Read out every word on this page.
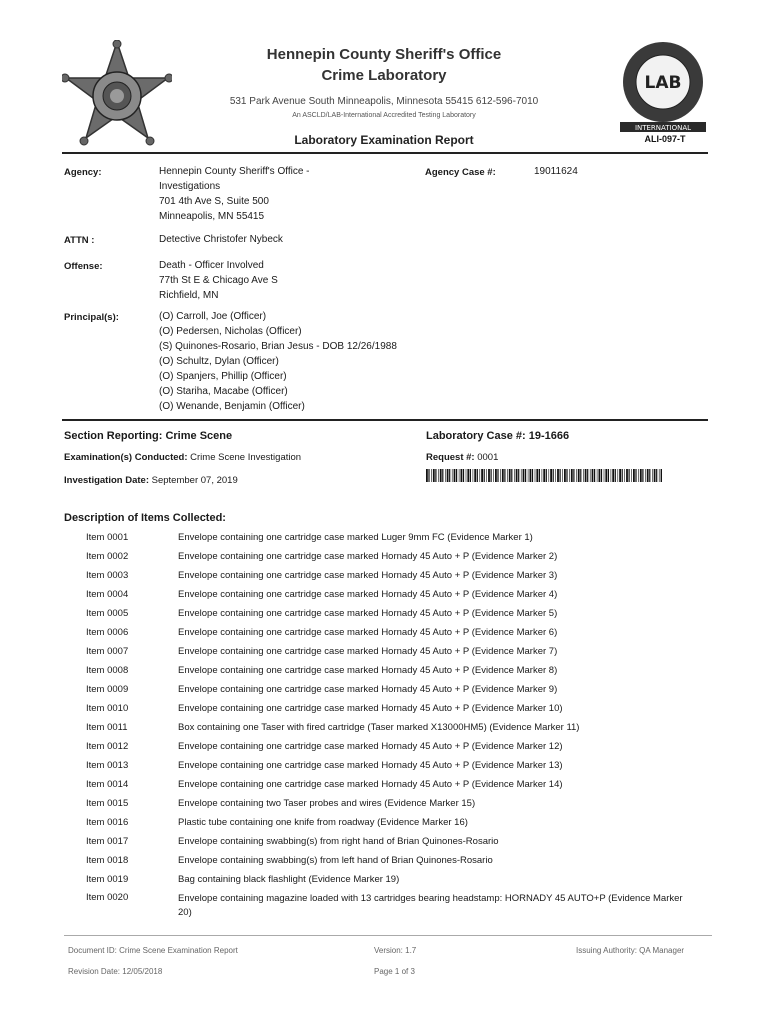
Hennepin County Sheriff's Office
Crime Laboratory
531 Park Avenue South Minneapolis, Minnesota 55415 612-596-7010
An ASCLD/LAB-International Accredited Testing Laboratory
Laboratory Examination Report
LAB
INTERNATIONAL
ALI-097-T
Agency:	Hennepin County Sheriff's Office -
Investigations
701 4th Ave S, Suite 500
Minneapolis, MN 55415
Agency Case #:	19011624
ATTN :	Detective Christofer Nybeck
Offense:	Death - Officer Involved
77th St E & Chicago Ave S
Richfield, MN
Principal(s):	(O) Carroll, Joe (Officer)
(O) Pedersen, Nicholas (Officer)
(S) Quinones-Rosario, Brian Jesus - DOB 12/26/1988
(O) Schultz, Dylan (Officer)
(O) Spanjers, Phillip (Officer)
(O) Stariha, Macabe (Officer)
(O) Wenande, Benjamin (Officer)
Section Reporting: Crime Scene	Laboratory Case #: 19-1666
Examination(s) Conducted: Crime Scene Investigation	Request #: 0001
Investigation Date: September 07, 2019
Description of Items Collected:
Item 0001	Envelope containing one cartridge case marked Luger 9mm FC (Evidence Marker 1)
Item 0002	Envelope containing one cartridge case marked Hornady 45 Auto + P (Evidence Marker 2)
Item 0003	Envelope containing one cartridge case marked Hornady 45 Auto + P (Evidence Marker 3)
Item 0004	Envelope containing one cartridge case marked Hornady 45 Auto + P (Evidence Marker 4)
Item 0005	Envelope containing one cartridge case marked Hornady 45 Auto + P (Evidence Marker 5)
Item 0006	Envelope containing one cartridge case marked Hornady 45 Auto + P (Evidence Marker 6)
Item 0007	Envelope containing one cartridge case marked Hornady 45 Auto + P (Evidence Marker 7)
Item 0008	Envelope containing one cartridge case marked Hornady 45 Auto + P (Evidence Marker 8)
Item 0009	Envelope containing one cartridge case marked Hornady 45 Auto + P (Evidence Marker 9)
Item 0010	Envelope containing one cartridge case marked Hornady 45 Auto + P (Evidence Marker 10)
Item 0011	Box containing one Taser with fired cartridge (Taser marked X13000HM5) (Evidence Marker 11)
Item 0012	Envelope containing one cartridge case marked Hornady 45 Auto + P (Evidence Marker 12)
Item 0013	Envelope containing one cartridge case marked Hornady 45 Auto + P (Evidence Marker 13)
Item 0014	Envelope containing one cartridge case marked Hornady 45 Auto + P (Evidence Marker 14)
Item 0015	Envelope containing two Taser probes and wires (Evidence Marker 15)
Item 0016	Plastic tube containing one knife from roadway (Evidence Marker 16)
Item 0017	Envelope containing swabbing(s) from right hand of Brian Quinones-Rosario
Item 0018	Envelope containing swabbing(s) from left hand of Brian Quinones-Rosario
Item 0019	Bag containing black flashlight (Evidence Marker 19)
Item 0020	Envelope containing magazine loaded with 13 cartridges bearing headstamp: HORNADY 45 AUTO+P (Evidence Marker 20)
Document ID: Crime Scene Examination Report	Version: 1.7	Issuing Authority: QA Manager
Revision Date: 12/05/2018	Page 1 of 3
